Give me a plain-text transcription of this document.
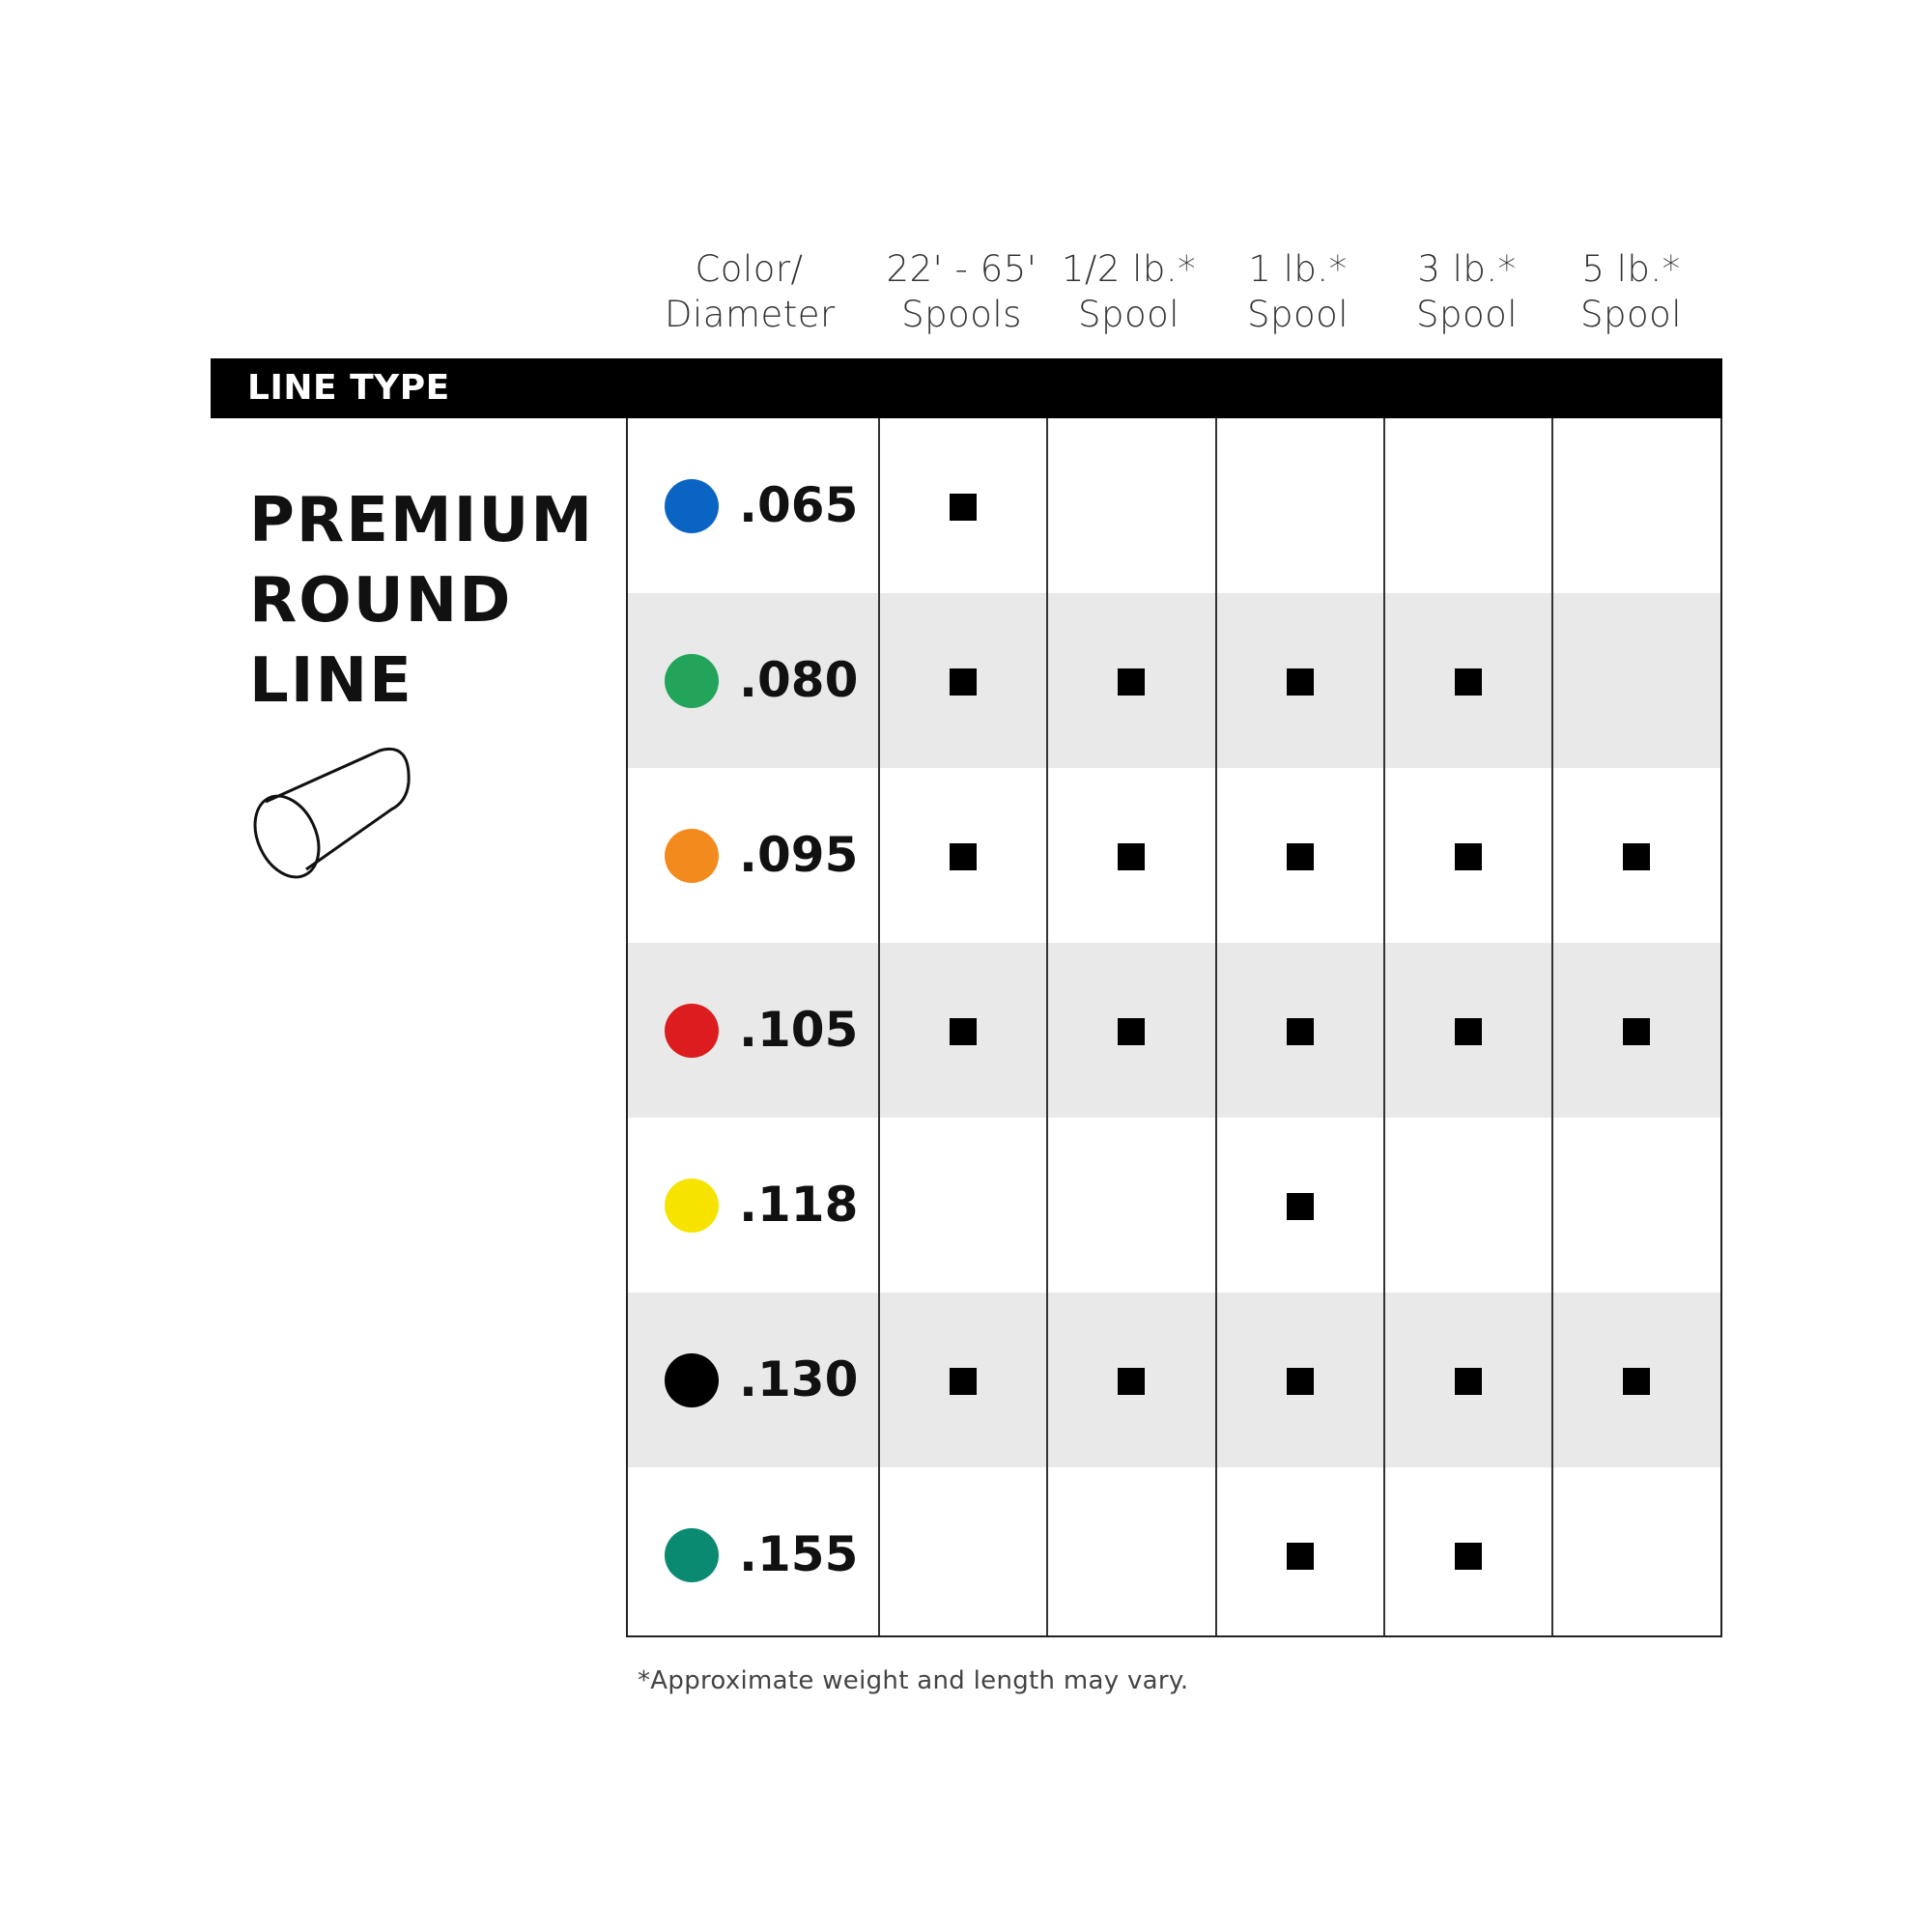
Color/
Diameter
22' - 65'
Spools
1/2 lb.*
Spool
1 lb.*
Spool
3 lb.*
Spool
5 lb.*
Spool
LINE TYPE
PREMIUM
ROUND
LINE
.065
.080
.095
.105
.118
.130
.155
*Approximate weight and length may vary.
